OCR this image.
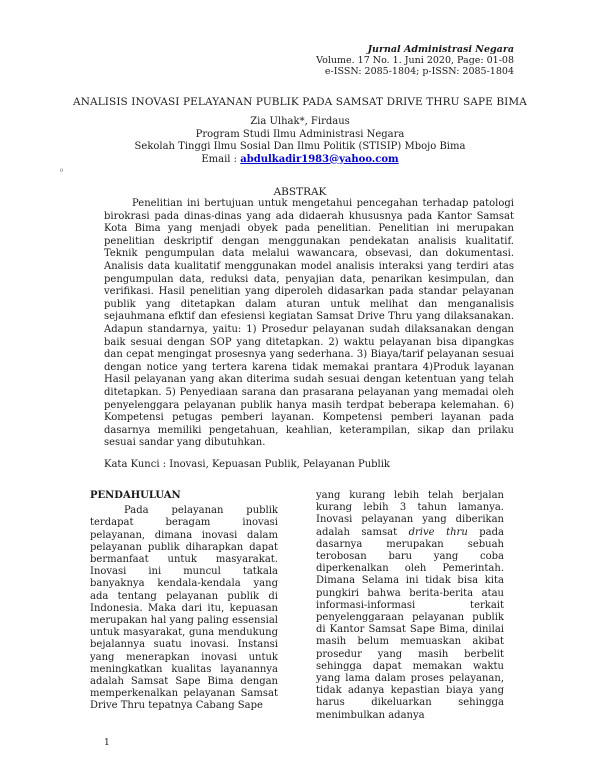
Jurnal Administrasi Negara
Volume. 17 No. 1. Juni 2020, Page: 01-08
e-ISSN: 2085-1804; p-ISSN: 2085-1804
ANALISIS INOVASI PELAYANAN PUBLIK PADA SAMSAT DRIVE THRU SAPE BIMA
Zia Ulhak*, Firdaus
Program Studi Ilmu Administrasi Negara
Sekolah Tinggi Ilmu Sosial Dan Ilmu Politik (STISIP) Mbojo Bima
Email : abdulkadir1983@yahoo.com
0
ABSTRAK

Penelitian ini bertujuan untuk mengetahui pencegahan terhadap patologi birokrasi pada dinas-dinas yang ada didaerah khususnya pada Kantor Samsat Kota Bima yang menjadi obyek pada penelitian. Penelitian ini merupakan penelitian deskriptif dengan menggunakan pendekatan analisis kualitatif. Teknik pengumpulan data melalui wawancara, obsevasi, dan dokumentasi. Analisis data kualitatif menggunakan model analisis interaksi yang terdiri atas pengumpulan data, reduksi data, penyajian data, penarikan kesimpulan, dan verifikasi. Hasil penelitian yang diperoleh didasarkan pada standar pelayanan publik yang ditetapkan dalam aturan untuk melihat dan menganalisis sejauhmana efktif dan efesiensi kegiatan Samsat Drive Thru yang dilaksanakan. Adapun standarnya, yaitu: 1) Prosedur pelayanan sudah dilaksanakan dengan baik sesuai dengan SOP yang ditetapkan. 2) waktu pelayanan bisa dipangkas dan cepat mengingat prosesnya yang sederhana. 3) Biaya/tarif pelayanan sesuai dengan notice yang tertera karena tidak memakai prantara 4)Produk layanan Hasil pelayanan yang akan diterima sudah sesuai dengan ketentuan yang telah ditetapkan. 5) Penyediaan sarana dan prasarana pelayanan yang memadai oleh penyelenggara pelayanan publik hanya masih terdpat beberapa kelemahan. 6) Kompetensi petugas pemberi layanan. Kompetensi pemberi layanan pada dasarnya memiliki pengetahuan, keahlian, keterampilan, sikap dan prilaku sesuai sandar yang dibutuhkan.

Kata Kunci : Inovasi, Kepuasan Publik, Pelayanan Publik
PENDAHULUAN

Pada pelayanan publik terdapat beragam inovasi pelayanan, dimana inovasi dalam pelayanan publik diharapkan dapat bermanfaat untuk masyarakat. Inovasi ini muncul tatkala banyaknya kendala-kendala yang ada tentang pelayanan publik di Indonesia. Maka dari itu, kepuasan merupakan hal yang paling essensial untuk masyarakat, guna mendukung bejalannya suatu inovasi. Instansi yang menerapkan inovasi untuk meningkatkan kualitas layanannya adalah Samsat Sape Bima dengan memperkenalkan pelayanan Samsat Drive Thru tepatnya Cabang Sape

yang kurang lebih telah berjalan kurang lebih 3 tahun lamanya. Inovasi pelayanan yang diberikan adalah samsat drive thru pada dasarnya merupakan sebuah terobosan baru yang coba diperkenalkan oleh Pemerintah. Dimana Selama ini tidak bisa kita pungkiri bahwa berita-berita atau informasi-informasi terkait penyelenggaraan pelayanan publik di Kantor Samsat Sape Bima, dinilai masih belum memuaskan akibat prosedur yang masih berbelit sehingga dapat memakan waktu yang lama dalam proses pelayanan, tidak adanya kepastian biaya yang harus dikeluarkan sehingga menimbulkan adanya

1
